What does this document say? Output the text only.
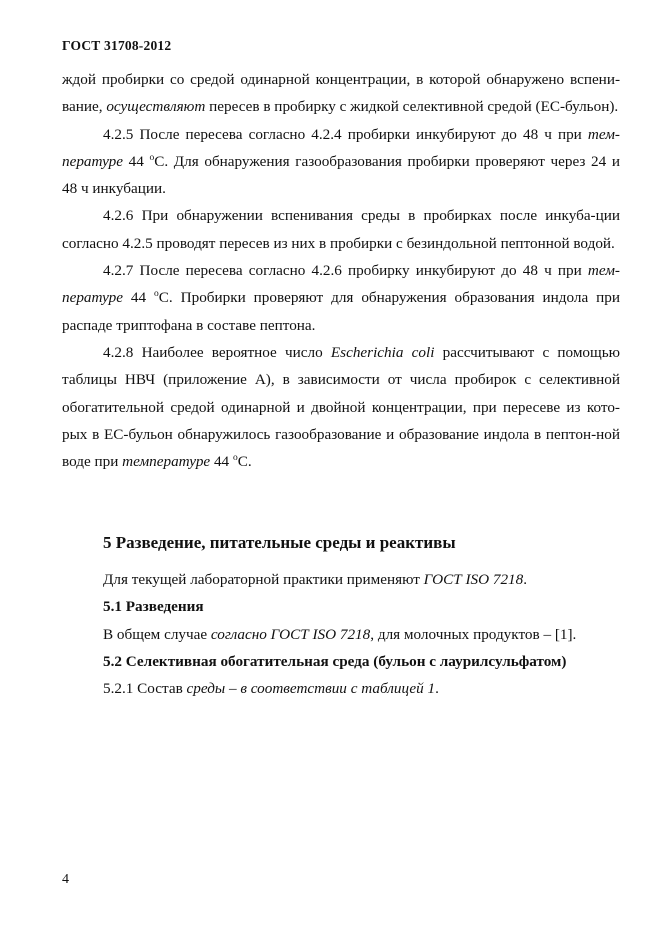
ГОСТ 31708-2012

ждой пробирки со средой одинарной концентрации, в которой обнаружено вспени-вание, осуществляют пересев в пробирку с жидкой селективной средой (ЕС-бульон).

4.2.5 После пересева согласно 4.2.4 пробирки инкубируют до 48 ч при тем-пературе 44 $^o$С. Для обнаружения газообразования пробирки проверяют через 24 и 48 ч инкубации.

4.2.6 При обнаружении вспенивания среды в пробирках после инкуба-ции согласно 4.2.5 проводят пересев из них в пробирки с безиндольной пептонной водой.

4.2.7 После пересева согласно 4.2.6 пробирку инкубируют до 48 ч при тем-пературе 44 $^o$С. Пробирки проверяют для обнаружения образования индола при распаде триптофана в составе пептона.

4.2.8 Наиболее вероятное число Escherichia coli рассчитывают с помощью таблицы НВЧ (приложение А), в зависимости от числа пробирок с селективной обогатительной средой одинарной и двойной концентрации, при пересеве из кото-рых в ЕС-бульон обнаружилось газообразование и образование индола в пептон-ной воде при температуре 44 $^o$С.

5 Разведение, питательные среды и реактивы

Для текущей лабораторной практики применяют ГОСТ ISO 7218.

5.1 Разведения

В общем случае согласно ГОСТ ISO 7218, для молочных продуктов – [1].

5.2 Селективная обогатительная среда (бульон с лаурилсульфатом)

5.2.1 Состав среды – в соответствии с таблицей 1.

4
